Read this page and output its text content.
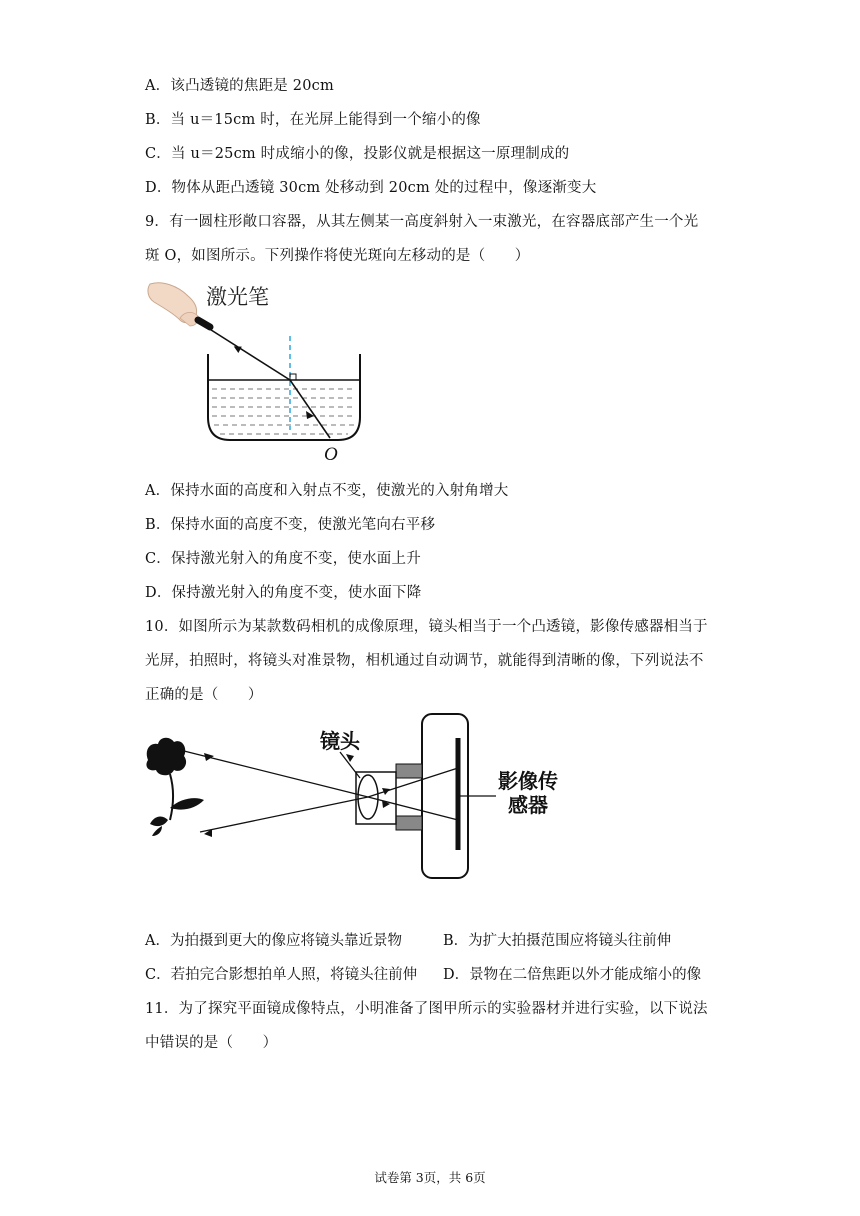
A．该凸透镜的焦距是 20cm
B．当 u＝15cm 时，在光屏上能得到一个缩小的像
C．当 u＝25cm 时成缩小的像，投影仪就是根据这一原理制成的
D．物体从距凸透镜 30cm 处移动到 20cm 处的过程中，像逐渐变大
9．有一圆柱形敞口容器，从其左侧某一高度斜射入一束激光，在容器底部产生一个光
斑 O，如图所示。下列操作将使光斑向左移动的是（　　）
激光笔
O
A．保持水面的高度和入射点不变，使激光的入射角增大
B．保持水面的高度不变，使激光笔向右平移
C．保持激光射入的角度不变，使水面上升
D．保持激光射入的角度不变，使水面下降
10．如图所示为某款数码相机的成像原理，镜头相当于一个凸透镜，影像传感器相当于
光屏，拍照时，将镜头对准景物，相机通过自动调节，就能得到清晰的像，下列说法不
正确的是（　　）
镜头
影像传
感器
A．为拍摄到更大的像应将镜头靠近景物	B．为扩大拍摄范围应将镜头往前伸
C．若拍完合影想拍单人照，将镜头往前伸 D．景物在二倍焦距以外才能成缩小的像
11．为了探究平面镜成像特点，小明准备了图甲所示的实验器材并进行实验，以下说法
中错误的是（　　）
试卷第 3页，共 6页
